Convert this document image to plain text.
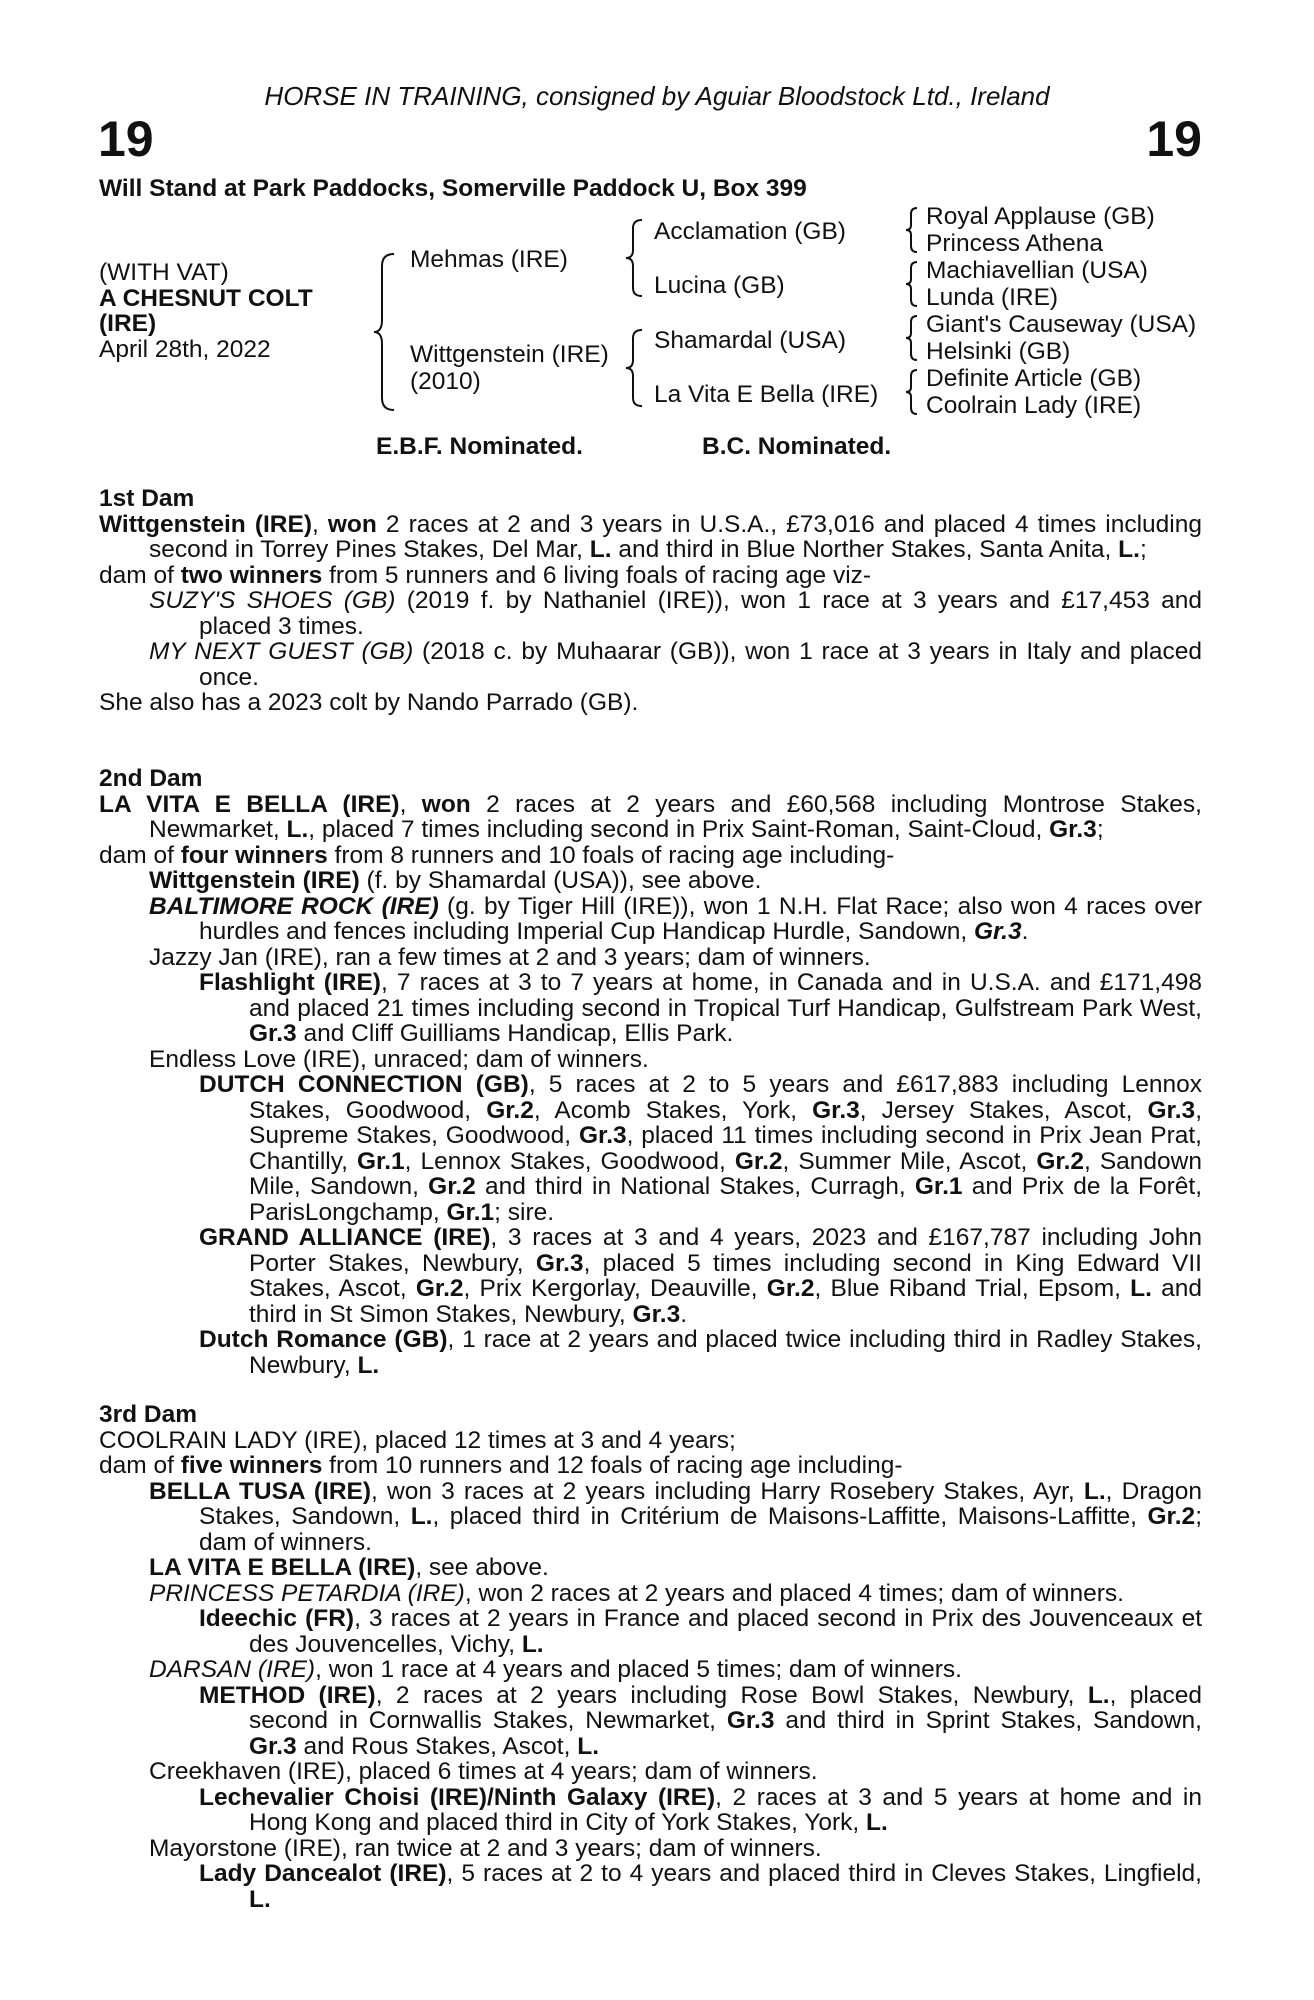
HORSE IN TRAINING, consigned by Aguiar Bloodstock Ltd., Ireland
19	19
Will Stand at Park Paddocks, Somerville Paddock U, Box 399
(WITH VAT)
A CHESNUT COLT
(IRE)
April 28th, 2022
Mehmas (IRE)
Wittgenstein (IRE)
(2010)
Acclamation (GB)
Lucina (GB)
Shamardal (USA)
La Vita E Bella (IRE)
Royal Applause (GB)
Princess Athena
Machiavellian (USA)
Lunda (IRE)
Giant's Causeway (USA)
Helsinki (GB)
Definite Article (GB)
Coolrain Lady (IRE)
E.B.F. Nominated.	B.C. Nominated.
1st Dam
Wittgenstein (IRE), won 2 races at 2 and 3 years in U.S.A., £73,016 and placed 4 times including second in Torrey Pines Stakes, Del Mar, L. and third in Blue Norther Stakes, Santa Anita, L.;
dam of two winners from 5 runners and 6 living foals of racing age viz-
SUZY'S SHOES (GB) (2019 f. by Nathaniel (IRE)), won 1 race at 3 years and £17,453 and placed 3 times.
MY NEXT GUEST (GB) (2018 c. by Muhaarar (GB)), won 1 race at 3 years in Italy and placed once.
She also has a 2023 colt by Nando Parrado (GB).
2nd Dam
LA VITA E BELLA (IRE), won 2 races at 2 years and £60,568 including Montrose Stakes, Newmarket, L., placed 7 times including second in Prix Saint-Roman, Saint-Cloud, Gr.3;
dam of four winners from 8 runners and 10 foals of racing age including-
Wittgenstein (IRE) (f. by Shamardal (USA)), see above.
BALTIMORE ROCK (IRE) (g. by Tiger Hill (IRE)), won 1 N.H. Flat Race; also won 4 races over hurdles and fences including Imperial Cup Handicap Hurdle, Sandown, Gr.3.
Jazzy Jan (IRE), ran a few times at 2 and 3 years; dam of winners.
Flashlight (IRE), 7 races at 3 to 7 years at home, in Canada and in U.S.A. and £171,498 and placed 21 times including second in Tropical Turf Handicap, Gulfstream Park West, Gr.3 and Cliff Guilliams Handicap, Ellis Park.
Endless Love (IRE), unraced; dam of winners.
DUTCH CONNECTION (GB), 5 races at 2 to 5 years and £617,883 including Lennox Stakes, Goodwood, Gr.2, Acomb Stakes, York, Gr.3, Jersey Stakes, Ascot, Gr.3, Supreme Stakes, Goodwood, Gr.3, placed 11 times including second in Prix Jean Prat, Chantilly, Gr.1, Lennox Stakes, Goodwood, Gr.2, Summer Mile, Ascot, Gr.2, Sandown Mile, Sandown, Gr.2 and third in National Stakes, Curragh, Gr.1 and Prix de la Forêt, ParisLongchamp, Gr.1; sire.
GRAND ALLIANCE (IRE), 3 races at 3 and 4 years, 2023 and £167,787 including John Porter Stakes, Newbury, Gr.3, placed 5 times including second in King Edward VII Stakes, Ascot, Gr.2, Prix Kergorlay, Deauville, Gr.2, Blue Riband Trial, Epsom, L. and third in St Simon Stakes, Newbury, Gr.3.
Dutch Romance (GB), 1 race at 2 years and placed twice including third in Radley Stakes, Newbury, L.
3rd Dam
COOLRAIN LADY (IRE), placed 12 times at 3 and 4 years;
dam of five winners from 10 runners and 12 foals of racing age including-
BELLA TUSA (IRE), won 3 races at 2 years including Harry Rosebery Stakes, Ayr, L., Dragon Stakes, Sandown, L., placed third in Critérium de Maisons-Laffitte, Maisons-Laffitte, Gr.2; dam of winners.
LA VITA E BELLA (IRE), see above.
PRINCESS PETARDIA (IRE), won 2 races at 2 years and placed 4 times; dam of winners.
Ideechic (FR), 3 races at 2 years in France and placed second in Prix des Jouvenceaux et des Jouvencelles, Vichy, L.
DARSAN (IRE), won 1 race at 4 years and placed 5 times; dam of winners.
METHOD (IRE), 2 races at 2 years including Rose Bowl Stakes, Newbury, L., placed second in Cornwallis Stakes, Newmarket, Gr.3 and third in Sprint Stakes, Sandown, Gr.3 and Rous Stakes, Ascot, L.
Creekhaven (IRE), placed 6 times at 4 years; dam of winners.
Lechevalier Choisi (IRE)/Ninth Galaxy (IRE), 2 races at 3 and 5 years at home and in Hong Kong and placed third in City of York Stakes, York, L.
Mayorstone (IRE), ran twice at 2 and 3 years; dam of winners.
Lady Dancealot (IRE), 5 races at 2 to 4 years and placed third in Cleves Stakes, Lingfield, L.
